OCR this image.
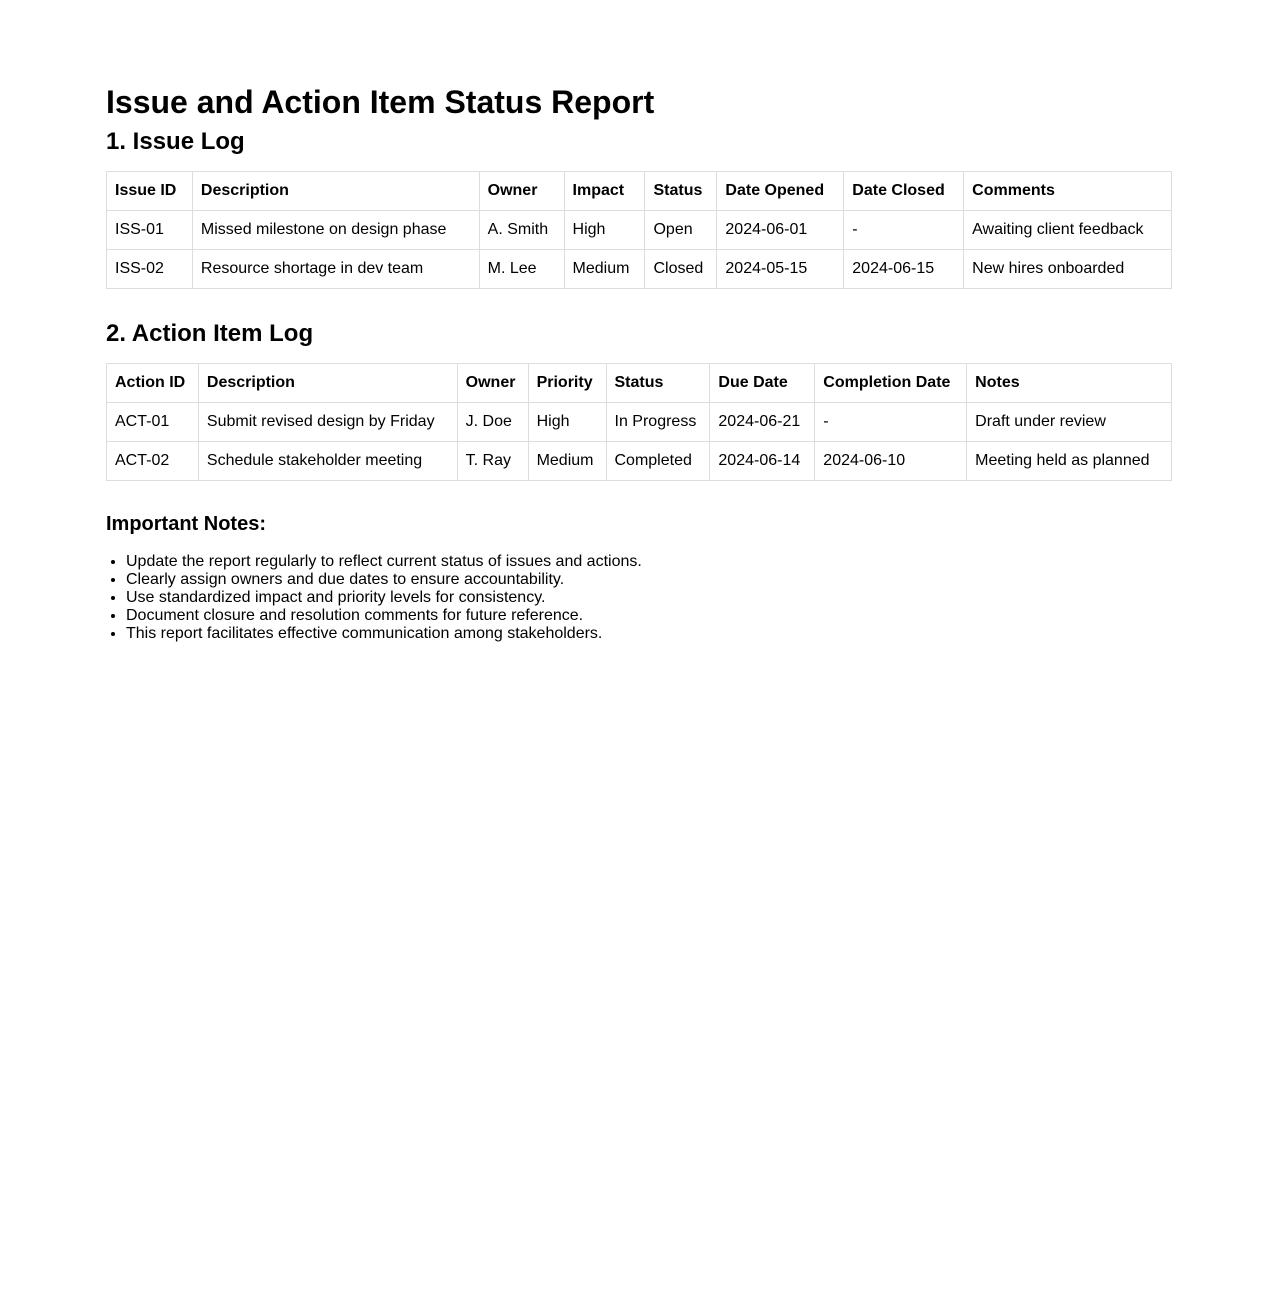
Issue and Action Item Status Report
1. Issue Log
Issue ID	Description	Owner	Impact	Status	Date Opened	Date Closed	Comments
ISS-01	Missed milestone on design phase	A. Smith	High	Open	2024-06-01	-	Awaiting client feedback
ISS-02	Resource shortage in dev team	M. Lee	Medium	Closed	2024-05-15	2024-06-15	New hires onboarded
2. Action Item Log
Action ID	Description	Owner	Priority	Status	Due Date	Completion Date	Notes
ACT-01	Submit revised design by Friday	J. Doe	High	In Progress	2024-06-21	-	Draft under review
ACT-02	Schedule stakeholder meeting	T. Ray	Medium	Completed	2024-06-14	2024-06-10	Meeting held as planned
Important Notes:
• Update the report regularly to reflect current status of issues and actions.
• Clearly assign owners and due dates to ensure accountability.
• Use standardized impact and priority levels for consistency.
• Document closure and resolution comments for future reference.
• This report facilitates effective communication among stakeholders.
